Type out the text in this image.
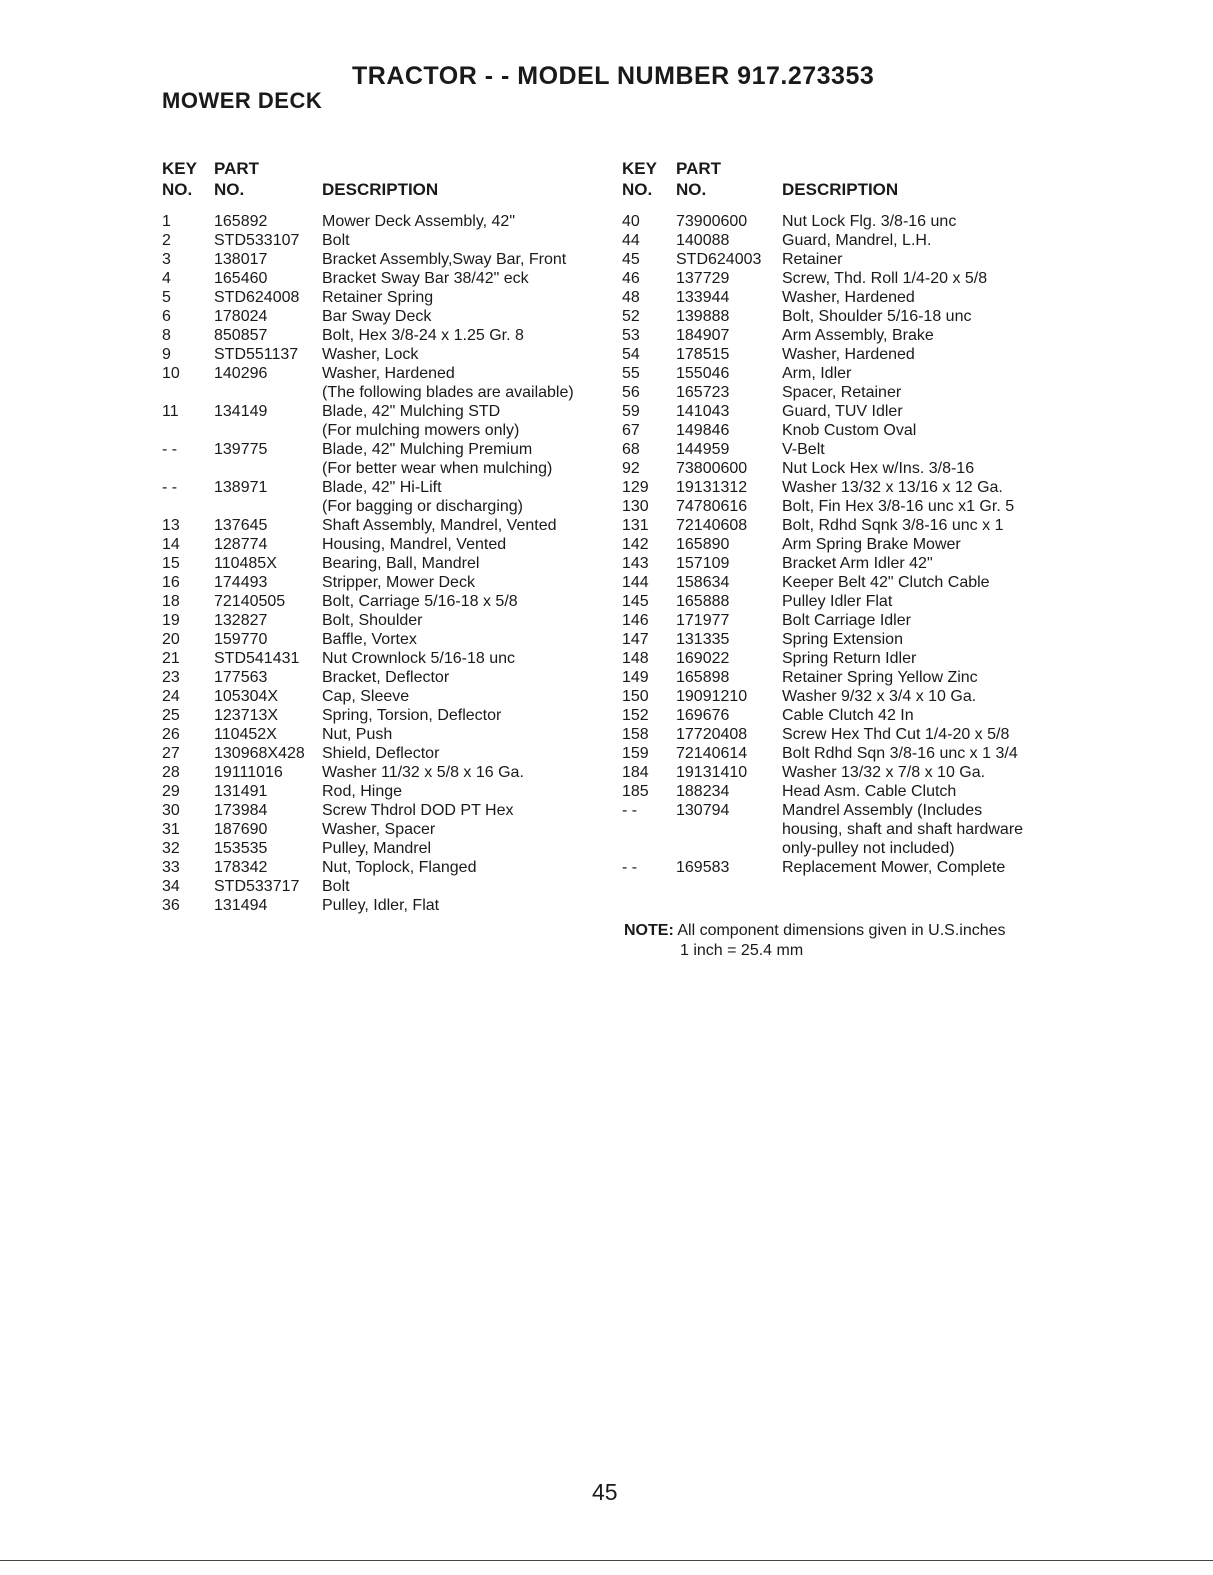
TRACTOR - - MODEL NUMBER 917.273353
MOWER DECK
KEY
NO.
PART
NO.	DESCRIPTION
KEY
NO.
PART
NO.	DESCRIPTION
1	165892	Mower Deck Assembly, 42"
2	STD533107 Bolt
3	138017	Bracket Assembly,Sway Bar, Front
4	165460	Bracket Sway Bar 38/42" eck
5	STD624008 Retainer Spring
6	178024	Bar Sway Deck
8	850857	Bolt, Hex 3/8-24 x 1.25 Gr. 8
9	STD551137 Washer, Lock
10 140296	Washer, Hardened
(The following blades are available)
11 134149	Blade, 42" Mulching STD
(For mulching mowers only)
- - 139775	Blade, 42" Mulching Premium
(For better wear when mulching)
- - 138971	Blade, 42" Hi-Lift
(For bagging or discharging)
13 137645	Shaft Assembly, Mandrel, Vented
14 128774	Housing, Mandrel, Vented
15 110485X	Bearing, Ball, Mandrel
16 174493	Stripper, Mower Deck
18 72140505 Bolt, Carriage 5/16-18 x 5/8
19 132827	Bolt, Shoulder
20 159770	Baffle, Vortex
21 STD541431 Nut Crownlock 5/16-18 unc
23 177563	Bracket, Deflector
24 105304X	Cap, Sleeve
25 123713X	Spring, Torsion, Deflector
26 110452X	Nut, Push
27 130968X428 Shield, Deflector
28 19111016 Washer 11/32 x 5/8 x 16 Ga.
29 131491	Rod, Hinge
30 173984	Screw Thdrol DOD PT Hex
31 187690	Washer, Spacer
32 153535	Pulley, Mandrel
33 178342	Nut, Toplock, Flanged
34 STD533717 Bolt
36 131494	Pulley, Idler, Flat
40 73900600 Nut Lock Flg. 3/8-16 unc
44 140088	Guard, Mandrel, L.H.
45 STD624003 Retainer
46 137729	Screw, Thd. Roll 1/4-20 x 5/8
48 133944	Washer, Hardened
52 139888	Bolt, Shoulder 5/16-18 unc
53 184907	Arm Assembly, Brake
54 178515	Washer, Hardened
55 155046	Arm, Idler
56 165723	Spacer, Retainer
59 141043	Guard, TUV Idler
67 149846	Knob Custom Oval
68 144959	V-Belt
92 73800600 Nut Lock Hex w/Ins. 3/8-16
129 19131312 Washer 13/32 x 13/16 x 12 Ga.
130 74780616 Bolt, Fin Hex 3/8-16 unc x1 Gr. 5
131 72140608 Bolt, Rdhd Sqnk 3/8-16 unc x 1
142 165890	Arm Spring Brake Mower
143 157109	Bracket Arm Idler 42"
144 158634	Keeper Belt 42" Clutch Cable
145 165888	Pulley Idler Flat
146 171977	Bolt Carriage Idler
147 131335	Spring Extension
148 169022	Spring Return Idler
149 165898	Retainer Spring Yellow Zinc
150 19091210 Washer 9/32 x 3/4 x 10 Ga.
152 169676	Cable Clutch 42 In
158 17720408 Screw Hex Thd Cut 1/4-20 x 5/8
159 72140614 Bolt Rdhd Sqn 3/8-16 unc x 1 3/4
184 19131410 Washer 13/32 x 7/8 x 10 Ga.
185 188234	Head Asm. Cable Clutch
- - 130794	Mandrel Assembly (Includes
housing, shaft and shaft hardware
only-pulley not included)
- - 169583	Replacement Mower, Complete
NOTE: All component dimensions given in U.S.inches
1 inch = 25.4 mm
45
